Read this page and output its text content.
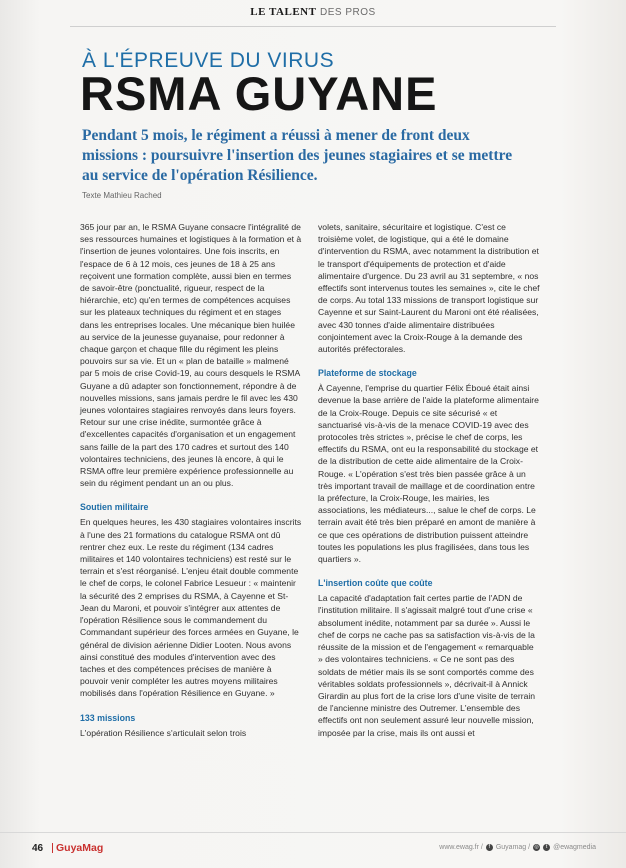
LE TALENT DES PROS
À L'ÉPREUVE DU VIRUS
RSMA GUYANE
Pendant 5 mois, le régiment a réussi à mener de front deux missions : poursuivre l'insertion des jeunes stagiaires et se mettre au service de l'opération Résilience.
Texte Mathieu Rached

365 jour par an, le RSMA Guyane consacre l'intégralité de ses ressources humaines et logistiques à la formation et à l'insertion de jeunes volontaires. Une fois inscrits, en l'espace de 6 à 12 mois, ces jeunes de 18 à 25 ans reçoivent une formation complète, aussi bien en termes de savoir-être (ponctualité, rigueur, respect de la hiérarchie, etc) qu'en termes de compétences acquises sur les plateaux techniques du régiment et en stages dans les entreprises locales. Une mécanique bien huilée au service de la jeunesse guyanaise, pour redonner à chaque garçon et chaque fille du régiment les pleins pouvoirs sur sa vie. Et un « plan de bataille » malmené par 5 mois de crise Covid-19, au cours desquels le RSMA Guyane a dû adapter son fonctionnement, répondre à de nouvelles missions, sans jamais perdre le fil avec les 430 jeunes volontaires stagiaires renvoyés dans leurs foyers. Retour sur une crise inédite, surmontée grâce à d'excellentes capacités d'organisation et un engagement sans faille de la part des 170 cadres et surtout des 140 volontaires techniciens, des jeunes là encore, à qui le RSMA offre leur première expérience professionnelle au sein du régiment pendant un an ou plus.

Soutien militaire

En quelques heures, les 430 stagiaires volontaires inscrits à l'une des 21 formations du catalogue RSMA ont dû rentrer chez eux. Le reste du régiment (134 cadres militaires et 140 volontaires techniciens) est resté sur le terrain et s'est réorganisé. L'enjeu était double commente le chef de corps, le colonel Fabrice Lesueur : « maintenir la sécurité des 2 emprises du RSMA, à Cayenne et St-Jean du Maroni, et pouvoir s'intégrer aux attentes de l'opération Résilience sous le commandement du Commandant supérieur des forces armées en Guyane, le général de division aérienne Didier Looten. Nous avons ainsi constitué des modules d'intervention avec des taches et des compétences précises de manière à pouvoir venir compléter les autres moyens militaires mobilisés dans l'opération Résilience en Guyane. »

133 missions

L'opération Résilience s'articulait selon trois

volets, sanitaire, sécuritaire et logistique. C'est ce troisième volet, de logistique, qui a été le domaine d'intervention du RSMA, avec notamment la distribution et le transport d'équipements de protection et d'aide alimentaire d'urgence. Du 23 avril au 31 septembre, « nos effectifs sont intervenus toutes les semaines », cite le chef de corps. Au total 133 missions de transport logistique sur Cayenne et sur Saint-Laurent du Maroni ont été réalisées, avec 430 tonnes d'aide alimentaire distribuées conjointement avec la Croix-Rouge à la demande des autorités préfectorales.

Plateforme de stockage

À Cayenne, l'emprise du quartier Félix Éboué était ainsi devenue la base arrière de l'aide la plateforme alimentaire de la Croix-Rouge. Depuis ce site sécurisé « et sanctuarisé vis-à-vis de la menace COVID-19 avec des protocoles très strictes », précise le chef de corps, les effectifs du RSMA, ont eu la responsabilité du stockage et de la distribution de cette aide alimentaire de la Croix-Rouge. « L'opération s'est très bien passée grâce à un très important travail de maillage et de coordination entre la préfecture, la Croix-Rouge, les mairies, les associations, les médiateurs..., salue le chef de corps. Le terrain avait été très bien préparé en amont de manière à ce que ces opérations de distribution puissent atteindre toutes les populations les plus fragilisées, dans tous les quartiers ».

L'insertion coûte que coûte

La capacité d'adaptation fait certes partie de l'ADN de l'institution militaire. Il s'agissait malgré tout d'une crise « absolument inédite, notamment par sa durée ». Aussi le chef de corps ne cache pas sa satisfaction vis-à-vis de la réussite de la mission et de l'engagement « remarquable » des volontaires techniciens. « Ce ne sont pas des soldats de métier mais ils se sont comportés comme des véritables soldats professionnels », décrivait-il à Annick Girardin au plus fort de la crise lors d'une visite de terrain de l'ancienne ministre des Outremer. L'ensemble des effectifs ont non seulement assuré leur nouvelle mission, imposée par la crise, mais ils ont aussi et

46 GuyaMag	www.ewag.fr /	f Guyamag / ◎	t @ewagmedia
